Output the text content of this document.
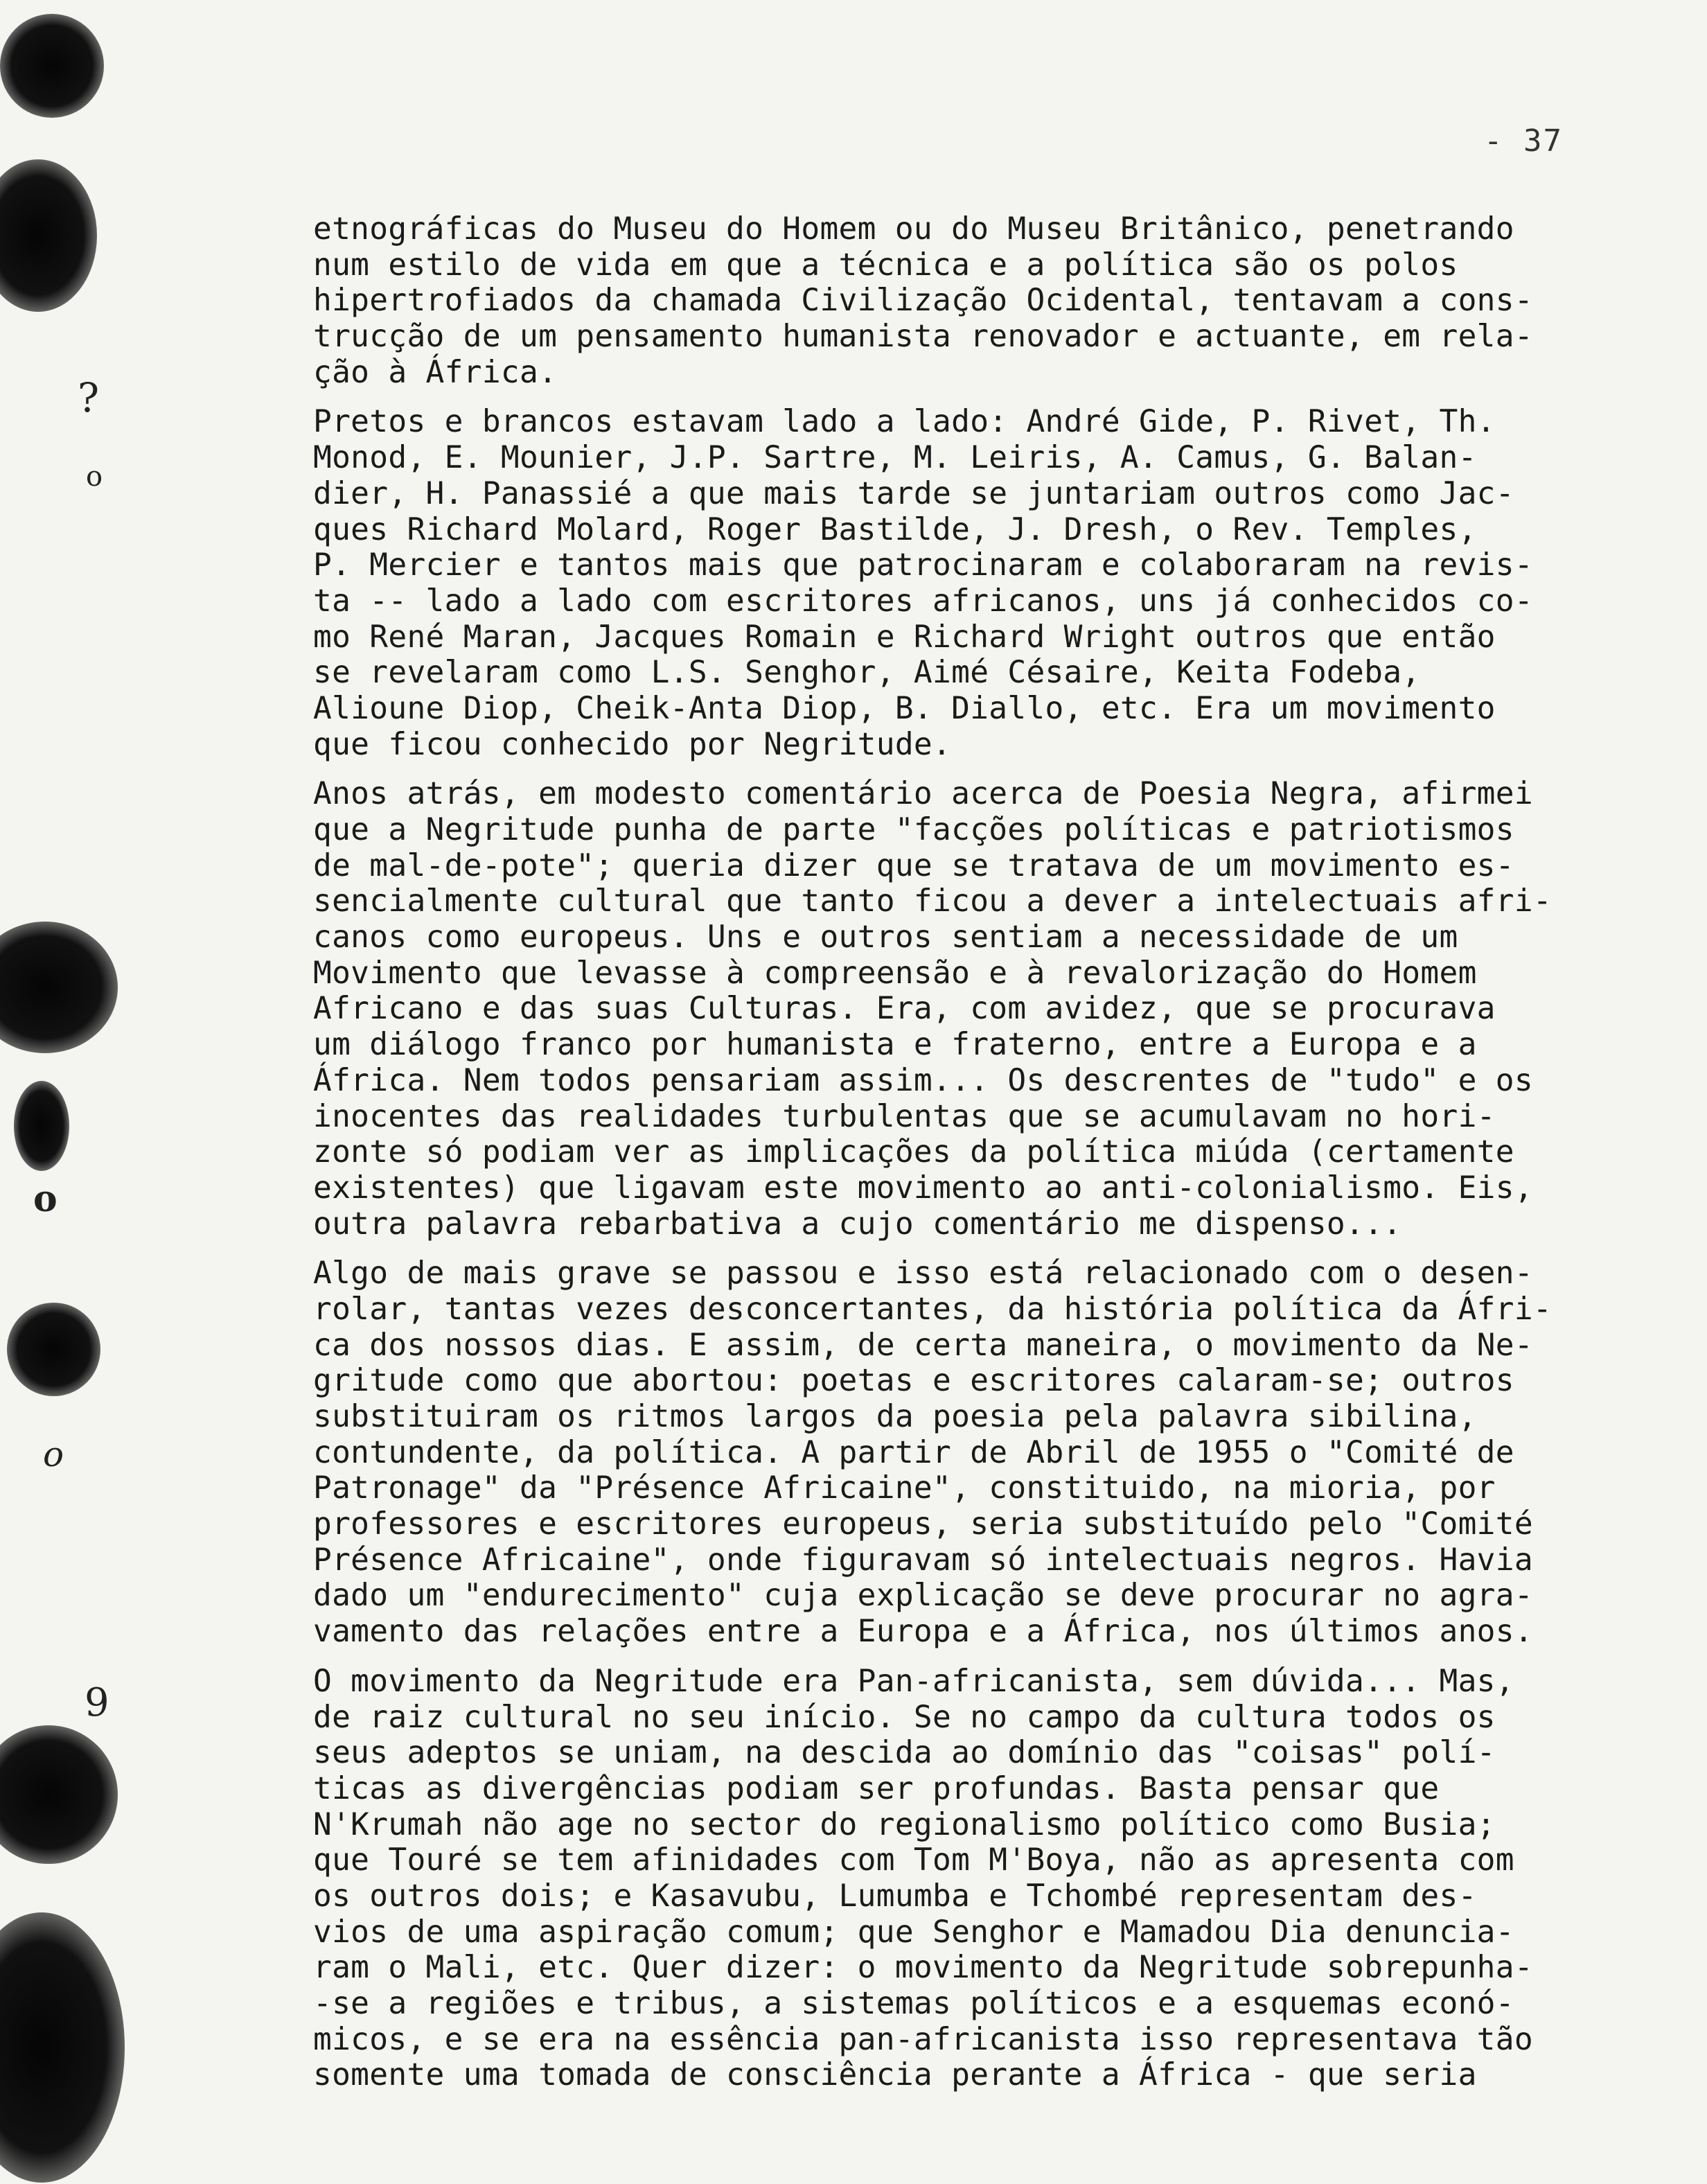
?
o
o
o
9
- 37
etnográficas do Museu do Homem ou do Museu Britânico, penetrando
num estilo de vida em que a técnica e a política são os polos
hipertrofiados da chamada Civilização Ocidental, tentavam a cons-
trucção de um pensamento humanista renovador e actuante, em rela-
ção à África.
Pretos e brancos estavam lado a lado: André Gide, P. Rivet, Th.
Monod, E. Mounier, J.P. Sartre, M. Leiris, A. Camus, G. Balan-
dier, H. Panassié a que mais tarde se juntariam outros como Jac-
ques Richard Molard, Roger Bastilde, J. Dresh, o Rev. Temples,
P. Mercier e tantos mais que patrocinaram e colaboraram na revis-
ta -- lado a lado com escritores africanos, uns já conhecidos co-
mo René Maran, Jacques Romain e Richard Wright outros que então
se revelaram como L.S. Senghor, Aimé Césaire, Keita Fodeba,
Alioune Diop, Cheik-Anta Diop, B. Diallo, etc. Era um movimento
que ficou conhecido por Negritude.
Anos atrás, em modesto comentário acerca de Poesia Negra, afirmei
que a Negritude punha de parte "facções políticas e patriotismos
de mal-de-pote"; queria dizer que se tratava de um movimento es-
sencialmente cultural que tanto ficou a dever a intelectuais afri-
canos como europeus. Uns e outros sentiam a necessidade de um
Movimento que levasse à compreensão e à revalorização do Homem
Africano e das suas Culturas. Era, com avidez, que se procurava
um diálogo franco por humanista e fraterno, entre a Europa e a
África. Nem todos pensariam assim... Os descrentes de "tudo" e os
inocentes das realidades turbulentas que se acumulavam no hori-
zonte só podiam ver as implicações da política miúda (certamente
existentes) que ligavam este movimento ao anti-colonialismo. Eis,
outra palavra rebarbativa a cujo comentário me dispenso...
Algo de mais grave se passou e isso está relacionado com o desen-
rolar, tantas vezes desconcertantes, da história política da Áfri-
ca dos nossos dias. E assim, de certa maneira, o movimento da Ne-
gritude como que abortou: poetas e escritores calaram-se; outros
substituiram os ritmos largos da poesia pela palavra sibilina,
contundente, da política. A partir de Abril de 1955 o "Comité de
Patronage" da "Présence Africaine", constituido, na mioria, por
professores e escritores europeus, seria substituído pelo "Comité
Présence Africaine", onde figuravam só intelectuais negros. Havia
dado um "endurecimento" cuja explicação se deve procurar no agra-
vamento das relações entre a Europa e a África, nos últimos anos.
O movimento da Negritude era Pan-africanista, sem dúvida... Mas,
de raiz cultural no seu início. Se no campo da cultura todos os
seus adeptos se uniam, na descida ao domínio das "coisas" polí-
ticas as divergências podiam ser profundas. Basta pensar que
N'Krumah não age no sector do regionalismo político como Busia;
que Touré se tem afinidades com Tom M'Boya, não as apresenta com
os outros dois; e Kasavubu, Lumumba e Tchombé representam des-
vios de uma aspiração comum; que Senghor e Mamadou Dia denuncia-
ram o Mali, etc. Quer dizer: o movimento da Negritude sobrepunha-
-se a regiões e tribus, a sistemas políticos e a esquemas econó-
micos, e se era na essência pan-africanista isso representava tão
somente uma tomada de consciência perante a África - que seria
